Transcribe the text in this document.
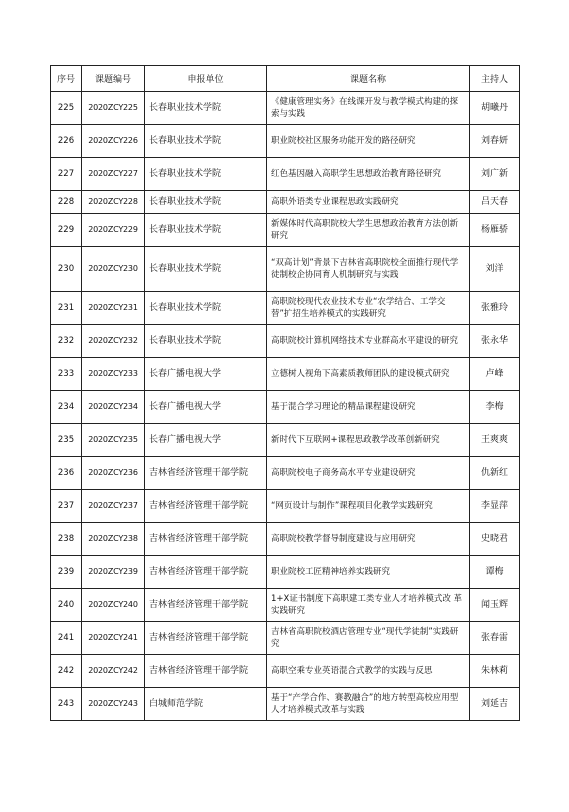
序号	课题编号	申报单位	课题名称	主持人
225	2020ZCY225	长春职业技术学院	《健康管理实务》在线课开发与教学模式构建的探索与实践	胡曦丹
226	2020ZCY226	长春职业技术学院	职业院校社区服务功能开发的路径研究	刘春妍
227	2020ZCY227	长春职业技术学院	红色基因融入高职学生思想政治教育路径研究	刘广新
228	2020ZCY228	长春职业技术学院	高职外语类专业课程思政实践研究	吕天春
229	2020ZCY229	长春职业技术学院	新媒体时代高职院校大学生思想政治教育方法创新研究	杨雁骄
230	2020ZCY230	长春职业技术学院	“双高计划”背景下吉林省高职院校全面推行现代学徒制校企协同育人机制研究与实践	刘洋
231	2020ZCY231	长春职业技术学院	高职院校现代农业技术专业“农学结合、工学交替”扩招生培养模式的实践研究	张雅玲
232	2020ZCY232	长春职业技术学院	高职院校计算机网络技术专业群高水平建设的研究	张永华
233	2020ZCY233	长春广播电视大学	立德树人视角下高素质教师团队的建设模式研究	卢峰
234	2020ZCY234	长春广播电视大学	基于混合学习理论的精品课程建设研究	李梅
235	2020ZCY235	长春广播电视大学	新时代下互联网+课程思政教学改革创新研究	王爽爽
236	2020ZCY236	吉林省经济管理干部学院	高职院校电子商务高水平专业建设研究	仇新红
237	2020ZCY237	吉林省经济管理干部学院	“网页设计与制作”课程项目化教学实践研究	李显萍
238	2020ZCY238	吉林省经济管理干部学院	高职院校教学督导制度建设与应用研究	史晓君
239	2020ZCY239	吉林省经济管理干部学院	职业院校工匠精神培养实践研究	谭梅
240	2020ZCY240	吉林省经济管理干部学院	1+X证书制度下高职建工类专业人才培养模式改 革实践研究	闻玉辉
241	2020ZCY241	吉林省经济管理干部学院	吉林省高职院校酒店管理专业“现代学徒制”实践研究	张春雷
242	2020ZCY242	吉林省经济管理干部学院	高职空乘专业英语混合式教学的实践与反思	朱林莉
243	2020ZCY243	白城师范学院	基于“产学合作、赛教融合”的地方转型高校应用型人才培养模式改革与实践	刘延吉
